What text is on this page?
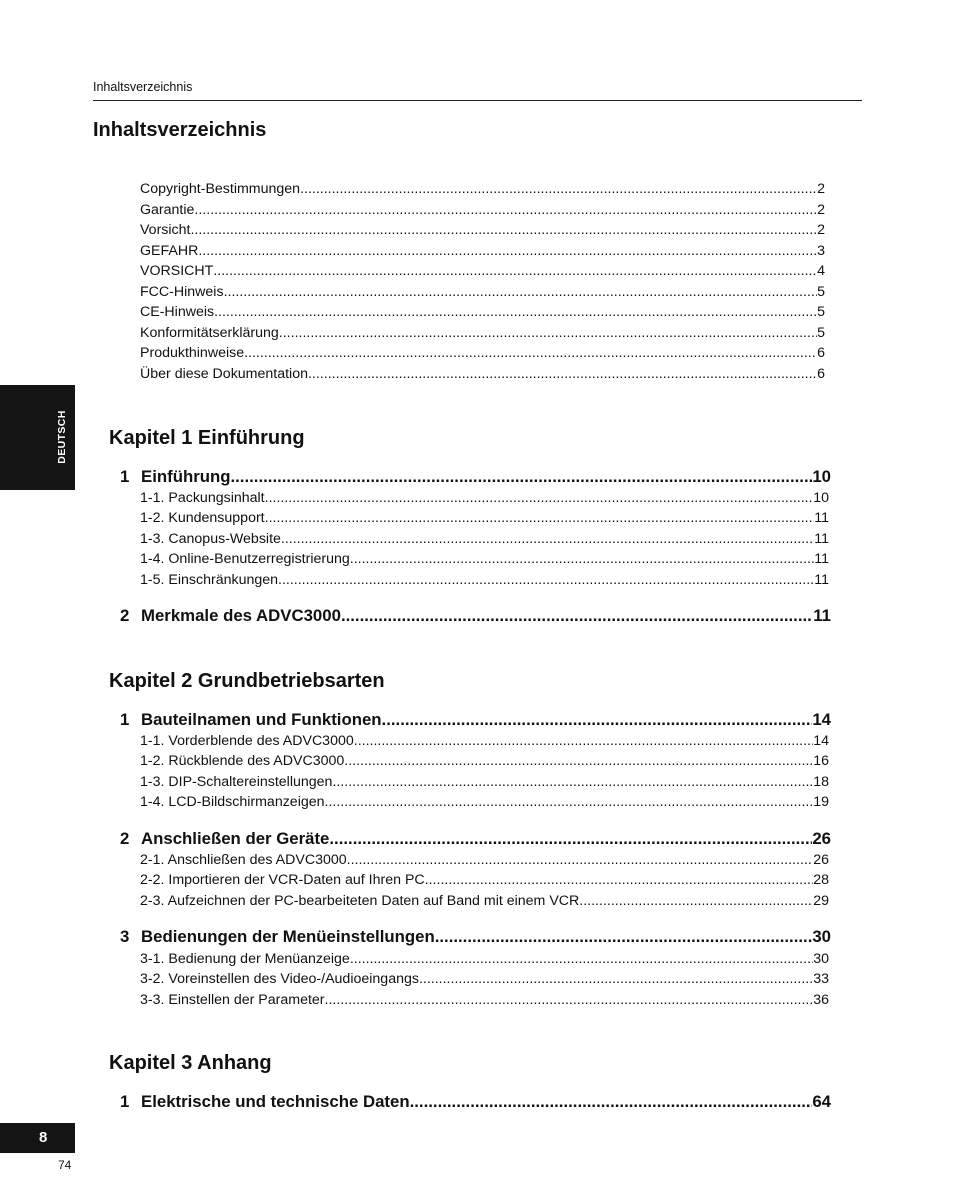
Inhaltsverzeichnis
Inhaltsverzeichnis
DEUTSCH
Copyright-Bestimmungen .....	2
Garantie .....	2
Vorsicht .....	2
GEFAHR .....	3
VORSICHT .....	4
FCC-Hinweis .....	5
CE-Hinweis .....	5
Konformitätserklärung .....	5
Produkthinweise .....	6
Über diese Dokumentation .....	6
Kapitel 1 Einführung
1 Einführung .....	10
1-1. Packungsinhalt .....	10
1-2. Kundensupport .....	11
1-3. Canopus-Website .....	11
1-4. Online-Benutzerregistrierung .....	11
1-5. Einschränkungen .....	11
2 Merkmale des ADVC3000 .....	11
Kapitel 2 Grundbetriebsarten
1 Bauteilnamen und Funktionen .....	14
1-1. Vorderblende des ADVC3000 .....	14
1-2. Rückblende des ADVC3000 .....	16
1-3. DIP-Schaltereinstellungen .....	18
1-4. LCD-Bildschirmanzeigen .....	19
2 Anschließen der Geräte .....	26
2-1. Anschließen des ADVC3000 .....	26
2-2. Importieren der VCR-Daten auf Ihren PC .....	28
2-3. Aufzeichnen der PC-bearbeiteten Daten auf Band mit einem VCR .....	29
3 Bedienungen der Menüeinstellungen .....	30
3-1. Bedienung der Menüanzeige .....	30
3-2. Voreinstellen des Video-/Audioeingangs .....	33
3-3. Einstellen der Parameter .....	36
Kapitel 3 Anhang
1 Elektrische und technische Daten .....	64
8
74
